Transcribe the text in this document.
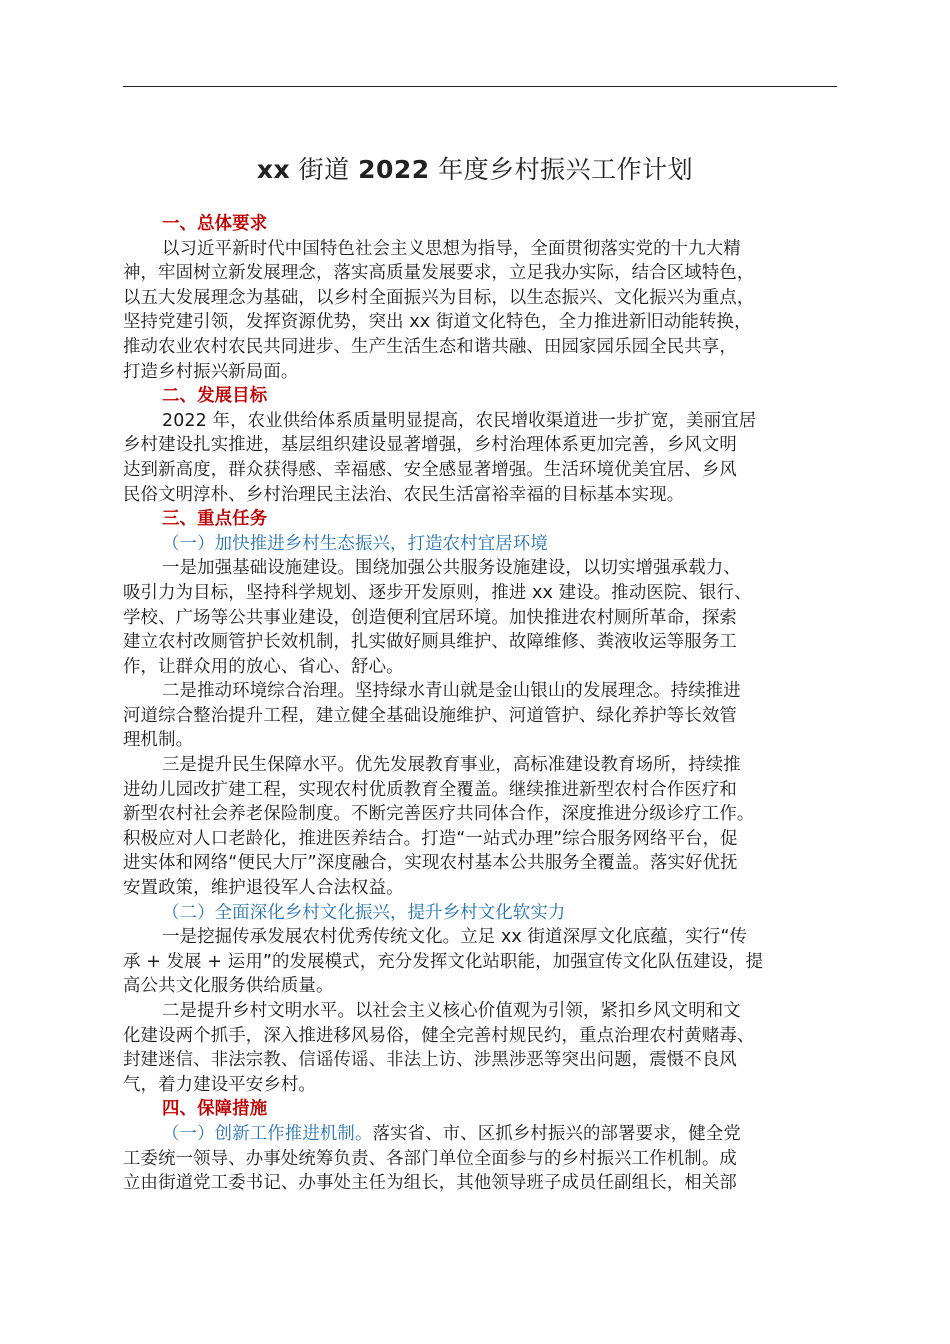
xx 街道 2022 年度乡村振兴工作计划
一、总体要求
以习近平新时代中国特色社会主义思想为指导，全面贯彻落实党的十九大精
神，牢固树立新发展理念，落实高质量发展要求，立足我办实际，结合区域特色，
以五大发展理念为基础，以乡村全面振兴为目标，以生态振兴、文化振兴为重点，
坚持党建引领，发挥资源优势，突出 xx 街道文化特色，全力推进新旧动能转换，
推动农业农村农民共同进步、生产生活生态和谐共融、田园家园乐园全民共享，
打造乡村振兴新局面。
二、发展目标
2022 年，农业供给体系质量明显提高，农民增收渠道进一步扩宽，美丽宜居
乡村建设扎实推进，基层组织建设显著增强，乡村治理体系更加完善，乡风文明
达到新高度，群众获得感、幸福感、安全感显著增强。生活环境优美宜居、乡风
民俗文明淳朴、乡村治理民主法治、农民生活富裕幸福的目标基本实现。
三、重点任务
（一）加快推进乡村生态振兴，打造农村宜居环境
一是加强基础设施建设。围绕加强公共服务设施建设，以切实增强承载力、
吸引力为目标，坚持科学规划、逐步开发原则，推进 xx 建设。推动医院、银行、
学校、广场等公共事业建设，创造便利宜居环境。加快推进农村厕所革命，探索
建立农村改厕管护长效机制，扎实做好厕具维护、故障维修、粪液收运等服务工
作，让群众用的放心、省心、舒心。
二是推动环境综合治理。坚持绿水青山就是金山银山的发展理念。持续推进
河道综合整治提升工程，建立健全基础设施维护、河道管护、绿化养护等长效管
理机制。
三是提升民生保障水平。优先发展教育事业，高标准建设教育场所，持续推
进幼儿园改扩建工程，实现农村优质教育全覆盖。继续推进新型农村合作医疗和
新型农村社会养老保险制度。不断完善医疗共同体合作，深度推进分级诊疗工作。
积极应对人口老龄化，推进医养结合。打造“一站式办理”综合服务网络平台，促
进实体和网络“便民大厅”深度融合，实现农村基本公共服务全覆盖。落实好优抚
安置政策，维护退役军人合法权益。
（二）全面深化乡村文化振兴，提升乡村文化软实力
一是挖掘传承发展农村优秀传统文化。立足 xx 街道深厚文化底蕴，实行“传
承 + 发展 + 运用”的发展模式，充分发挥文化站职能，加强宣传文化队伍建设，提
高公共文化服务供给质量。
二是提升乡村文明水平。以社会主义核心价值观为引领，紧扣乡风文明和文
化建设两个抓手，深入推进移风易俗，健全完善村规民约，重点治理农村黄赌毒、
封建迷信、非法宗教、信谣传谣、非法上访、涉黑涉恶等突出问题，震慑不良风
气，着力建设平安乡村。
四、保障措施
（一）创新工作推进机制。落实省、市、区抓乡村振兴的部署要求，健全党
工委统一领导、办事处统筹负责、各部门单位全面参与的乡村振兴工作机制。成
立由街道党工委书记、办事处主任为组长，其他领导班子成员任副组长，相关部
